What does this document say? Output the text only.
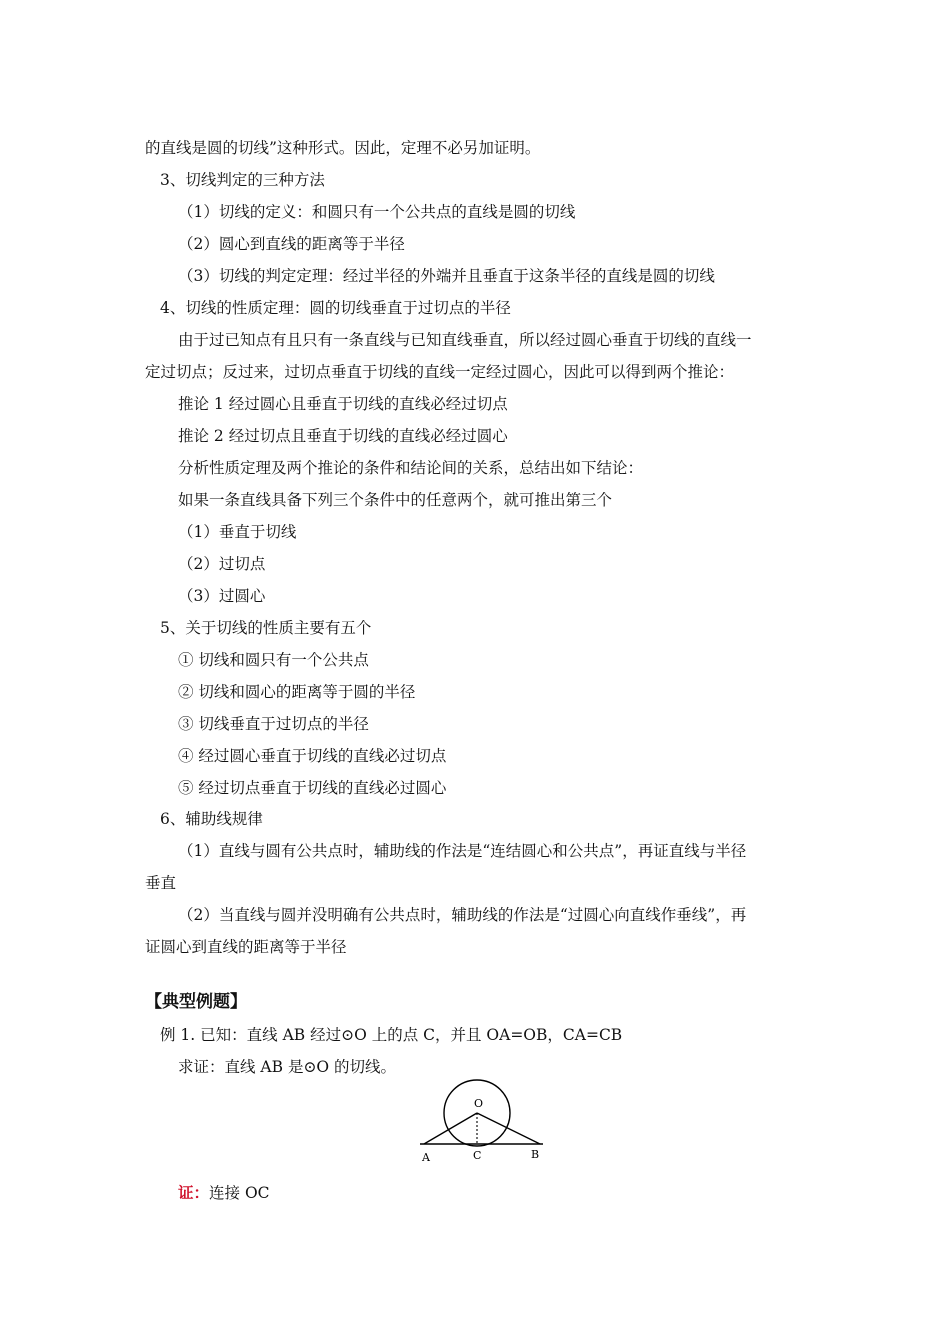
的直线是圆的切线”这种形式。因此，定理不必另加证明。
3、切线判定的三种方法
（1）切线的定义：和圆只有一个公共点的直线是圆的切线
（2）圆心到直线的距离等于半径
（3）切线的判定定理：经过半径的外端并且垂直于这条半径的直线是圆的切线
4、切线的性质定理：圆的切线垂直于过切点的半径
由于过已知点有且只有一条直线与已知直线垂直，所以经过圆心垂直于切线的直线一
定过切点；反过来，过切点垂直于切线的直线一定经过圆心，因此可以得到两个推论：
推论 1 经过圆心且垂直于切线的直线必经过切点
推论 2 经过切点且垂直于切线的直线必经过圆心
分析性质定理及两个推论的条件和结论间的关系，总结出如下结论：
如果一条直线具备下列三个条件中的任意两个，就可推出第三个
（1）垂直于切线
（2）过切点
（3）过圆心
5、关于切线的性质主要有五个
① 切线和圆只有一个公共点
② 切线和圆心的距离等于圆的半径
③ 切线垂直于过切点的半径
④ 经过圆心垂直于切线的直线必过切点
⑤ 经过切点垂直于切线的直线必过圆心
6、辅助线规律
（1）直线与圆有公共点时，辅助线的作法是“连结圆心和公共点”，再证直线与半径
垂直
（2）当直线与圆并没明确有公共点时，辅助线的作法是“过圆心向直线作垂线”，再
证圆心到直线的距离等于半径
【典型例题】
例 1. 已知：直线 AB 经过⊙O 上的点 C，并且 OA=OB，CA=CB
求证：直线 AB 是⊙O 的切线。
O
A	C	B
证：连接 OC
